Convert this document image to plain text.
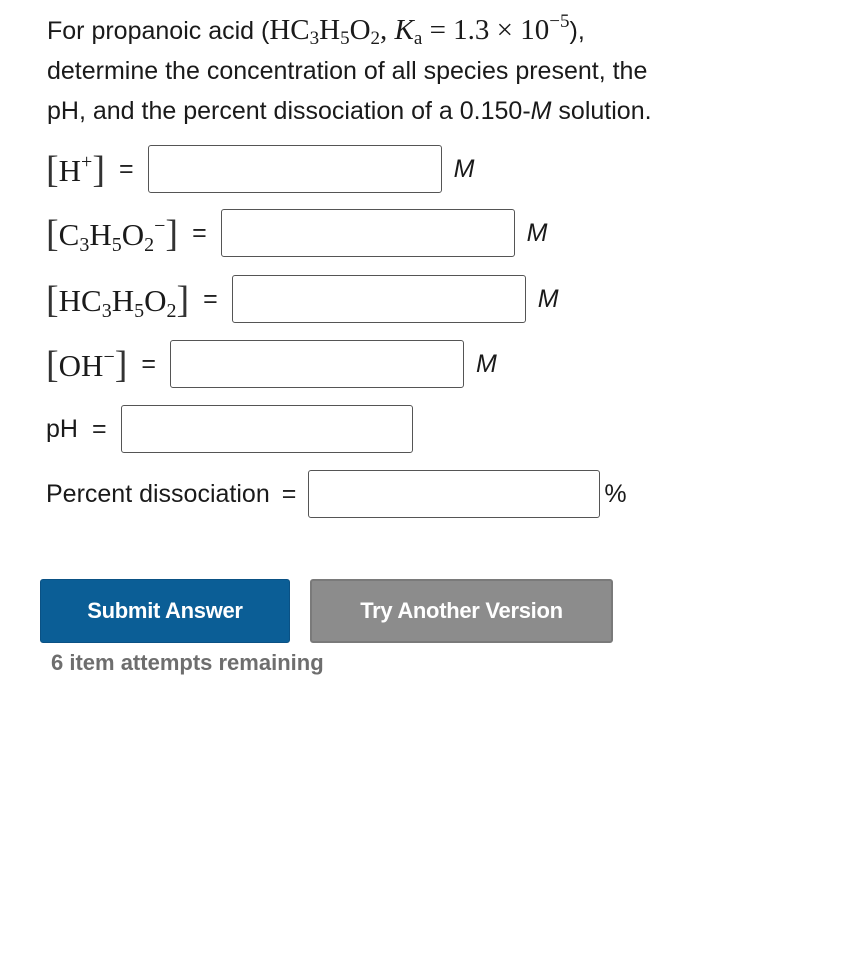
For propanoic acid ($HC_3H_5O_2$, $K_a = 1.3 \times 10^{-5}$),
determine the concentration of all species present, the
pH, and the percent dissociation of a 0.150-M solution.
[H+] =	M
$[C_3H_5O_2^-]$ =	M
$[HC_3H_5O_2]$ =	M
[OH−] =	M
pH =
Percent dissociation =	%
Submit Answer	Try Another Version
6 item attempts remaining
